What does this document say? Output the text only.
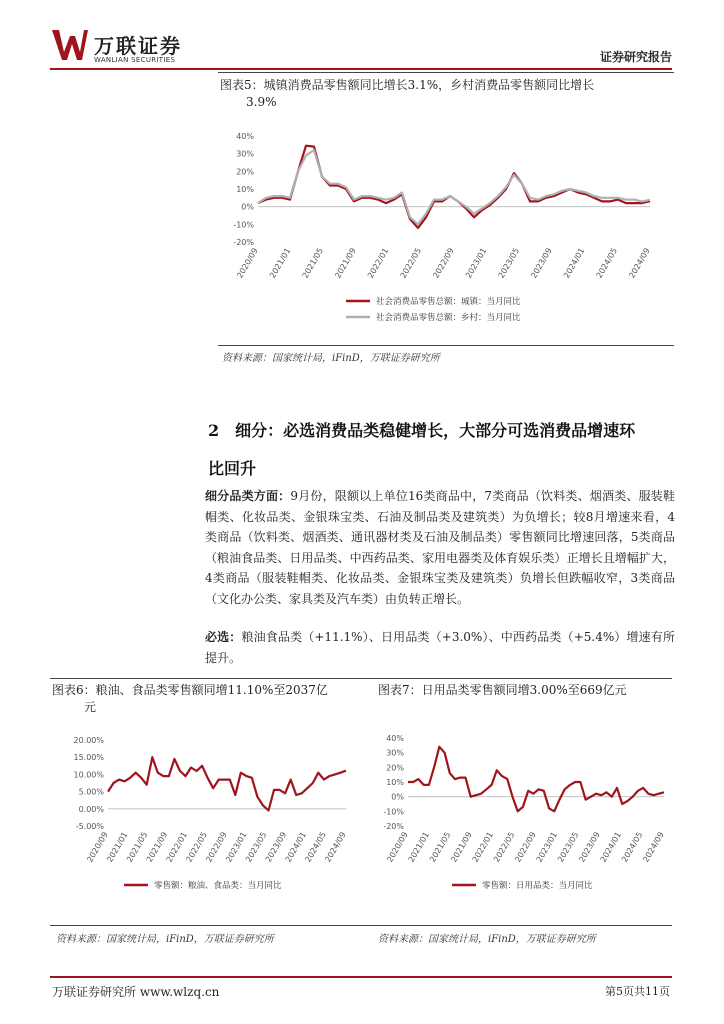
万联证券
WANLIAN SECURITIES	证券研究报告
图表5：城镇消费品零售额同比增长3.1%，乡村消费品零售额同比增长
3.9%
40%
30%
20%
10%
0%
-10%
-20%
2020/09 2021/01 2021/05 2021/09 2022/01 2022/05 2022/09 2023/01 2023/05 2023/09 2024/01 2024/05 2024/09
社会消费品零售总额：城镇：当月同比
社会消费品零售总额：乡村：当月同比
资料来源：国家统计局，iFinD，万联证券研究所
2 细分：必选消费品类稳健增长，大部分可选消费品增速环
比回升
细分品类方面：9月份，限额以上单位16类商品中，7类商品（饮料类、烟酒类、服装鞋帽类、化妆品类、金银珠宝类、石油及制品类及建筑类）为负增长；较8月增速来看，4类商品（饮料类、烟酒类、通讯器材类及石油及制品类）零售额同比增速回落，5类商品（粮油食品类、日用品类、中西药品类、家用电器类及体育娱乐类）正增长且增幅扩大，4类商品（服装鞋帽类、化妆品类、金银珠宝类及建筑类）负增长但跌幅收窄，3类商品（文化办公类、家具类及汽车类）由负转正增长。
必选：粮油食品类（+11.1%）、日用品类（+3.0%）、中西药品类（+5.4%）增速有所提升。
图表6：粮油、食品类零售额同增11.10%至2037亿
元
图表7：日用品类零售额同增3.00%至669亿元
20.00%
15.00%
10.00%
5.00%
0.00%
-5.00%
2020/09
2021/01
2021/05
2021/09
2022/01
2022/05
2022/09
2023/01
2023/05
2023/09
2024/01
2024/05
2024/09
零售额：粮油、食品类：当月同比
40%
30%
20%
10%
0%
-10%
-20%
2020/09
2021/01
2021/05
2021/09
2022/01
2022/05
2022/09
2023/01
2023/05
2023/09
2024/01
2024/05
2024/09
零售额：日用品类：当月同比
资料来源：国家统计局，iFinD，万联证券研究所	资料来源：国家统计局，iFinD，万联证券研究所
万联证券研究所 www.wlzq.cn	第5页共11页
